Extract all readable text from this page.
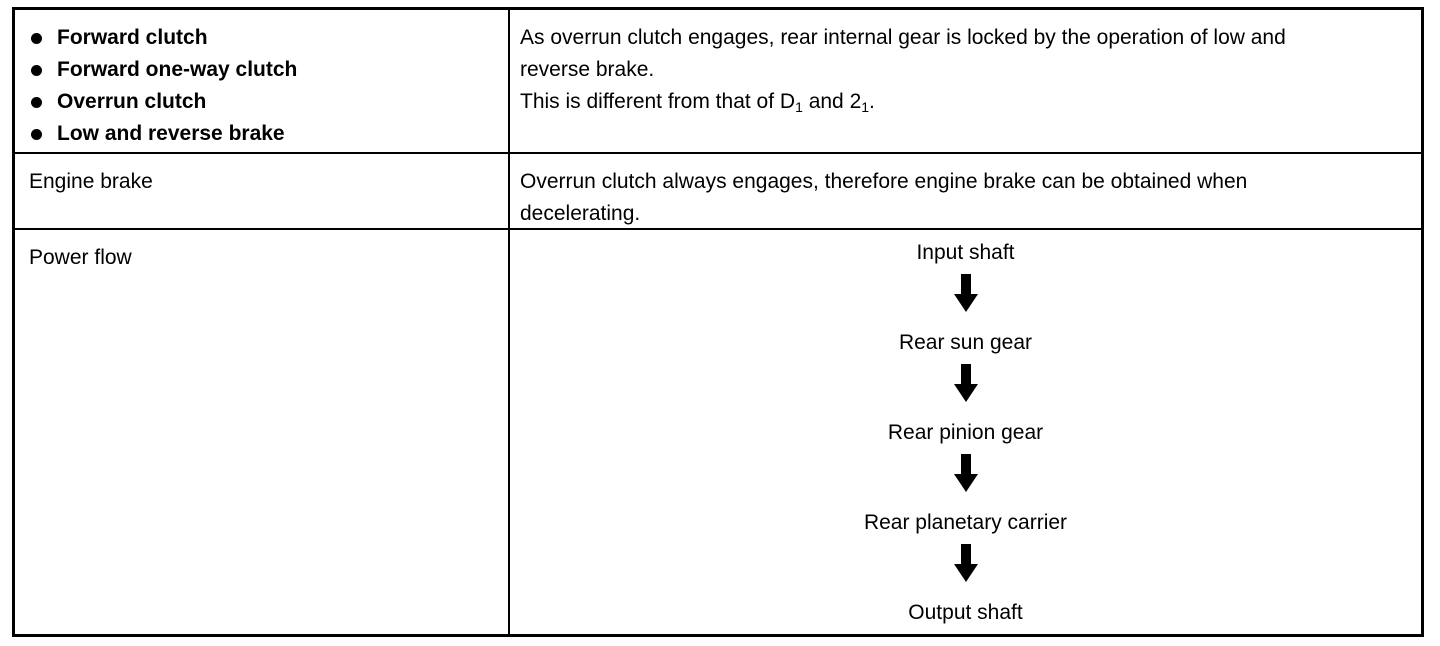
Forward clutch
Forward one-way clutch
Overrun clutch
Low and reverse brake
As overrun clutch engages, rear internal gear is locked by the operation of low and
reverse brake.
This is different from that of $D_1$ and $2_1$.
Engine brake	Overrun clutch always engages, therefore engine brake can be obtained when
decelerating.
Power flow	Input shaft
Rear sun gear
Rear pinion gear
Rear planetary carrier
Output shaft
